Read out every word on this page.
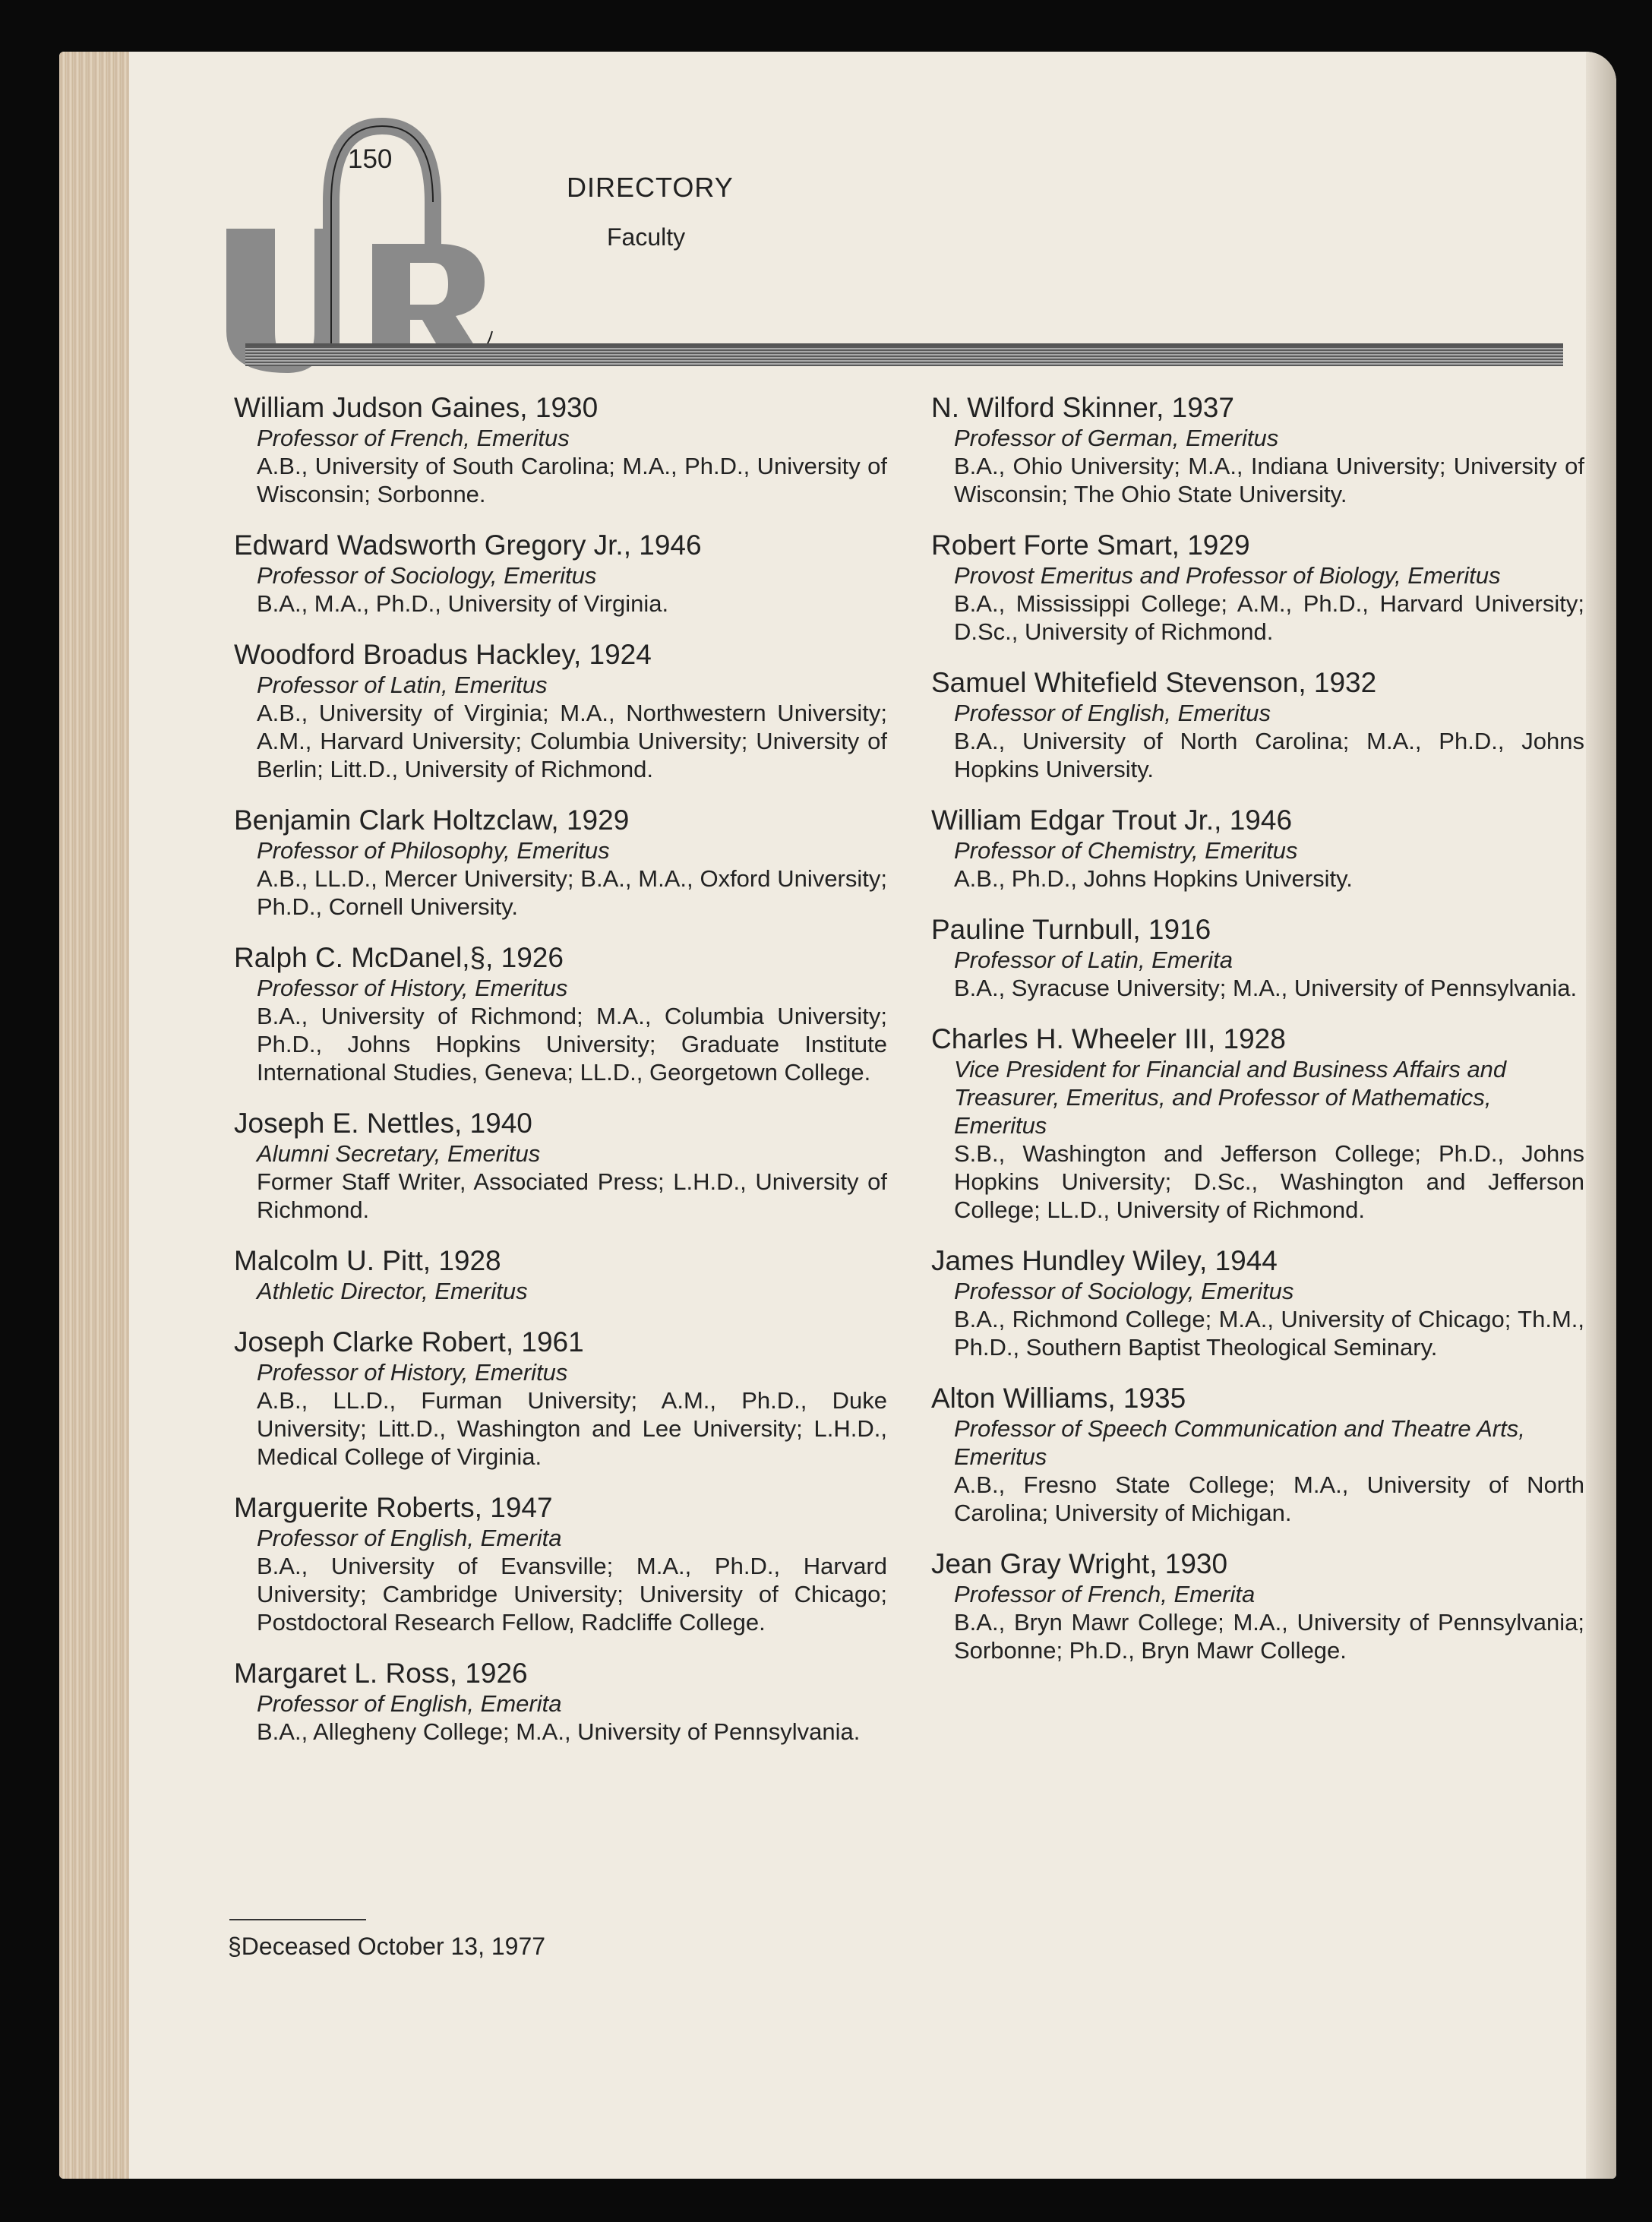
150
DIRECTORY
Faculty
William Judson Gaines, 1930
Professor of French, Emeritus
A.B., University of South Carolina; M.A., Ph.D., University of Wisconsin; Sorbonne.
Edward Wadsworth Gregory Jr., 1946
Professor of Sociology, Emeritus
B.A., M.A., Ph.D., University of Virginia.
Woodford Broadus Hackley, 1924
Professor of Latin, Emeritus
A.B., University of Virginia; M.A., Northwestern University; A.M., Harvard University; Columbia University; University of Berlin; Litt.D., University of Richmond.
Benjamin Clark Holtzclaw, 1929
Professor of Philosophy, Emeritus
A.B., LL.D., Mercer University; B.A., M.A., Oxford University; Ph.D., Cornell University.
Ralph C. McDanel,§, 1926
Professor of History, Emeritus
B.A., University of Richmond; M.A., Columbia University; Ph.D., Johns Hopkins University; Graduate Institute International Studies, Geneva; LL.D., Georgetown College.
Joseph E. Nettles, 1940
Alumni Secretary, Emeritus
Former Staff Writer, Associated Press; L.H.D., University of Richmond.
Malcolm U. Pitt, 1928
Athletic Director, Emeritus
Joseph Clarke Robert, 1961
Professor of History, Emeritus
A.B., LL.D., Furman University; A.M., Ph.D., Duke University; Litt.D., Washington and Lee University; L.H.D., Medical College of Virginia.
Marguerite Roberts, 1947
Professor of English, Emerita
B.A., University of Evansville; M.A., Ph.D., Harvard University; Cambridge University; University of Chicago; Postdoctoral Research Fellow, Radcliffe College.
Margaret L. Ross, 1926
Professor of English, Emerita
B.A., Allegheny College; M.A., University of Pennsylvania.
N. Wilford Skinner, 1937
Professor of German, Emeritus
B.A., Ohio University; M.A., Indiana University; University of Wisconsin; The Ohio State University.
Robert Forte Smart, 1929
Provost Emeritus and Professor of Biology, Emeritus
B.A., Mississippi College; A.M., Ph.D., Harvard University; D.Sc., University of Richmond.
Samuel Whitefield Stevenson, 1932
Professor of English, Emeritus
B.A., University of North Carolina; M.A., Ph.D., Johns Hopkins University.
William Edgar Trout Jr., 1946
Professor of Chemistry, Emeritus
A.B., Ph.D., Johns Hopkins University.
Pauline Turnbull, 1916
Professor of Latin, Emerita
B.A., Syracuse University; M.A., University of Pennsylvania.
Charles H. Wheeler III, 1928
Vice President for Financial and Business Affairs and Treasurer, Emeritus, and Professor of Mathematics, Emeritus
S.B., Washington and Jefferson College; Ph.D., Johns Hopkins University; D.Sc., Washington and Jefferson College; LL.D., University of Richmond.
James Hundley Wiley, 1944
Professor of Sociology, Emeritus
B.A., Richmond College; M.A., University of Chicago; Th.M., Ph.D., Southern Baptist Theological Seminary.
Alton Williams, 1935
Professor of Speech Communication and Theatre Arts, Emeritus
A.B., Fresno State College; M.A., University of North Carolina; University of Michigan.
Jean Gray Wright, 1930
Professor of French, Emerita
B.A., Bryn Mawr College; M.A., University of Pennsylvania; Sorbonne; Ph.D., Bryn Mawr College.
§Deceased October 13, 1977
